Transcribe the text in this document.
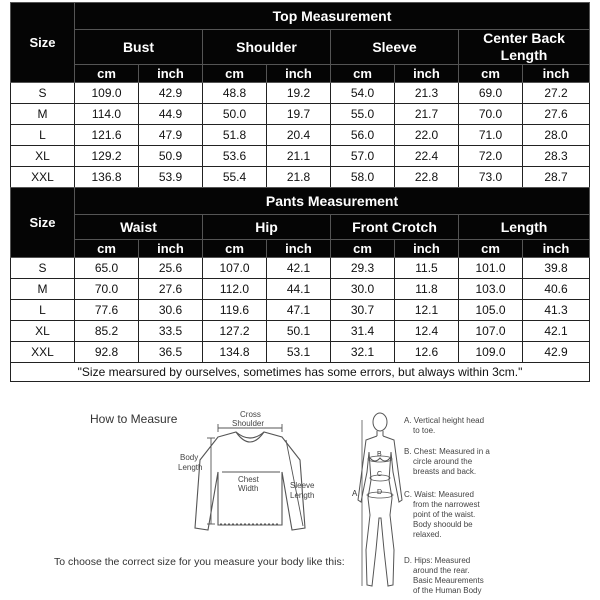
Size	Top Measurement							
	Bust		Shoulder		Sleeve		Center Back Length	
	cm	inch	cm	inch	cm	inch	cm	inch
S	109.0	42.9	48.8	19.2	54.0	21.3	69.0	27.2
M	114.0	44.9	50.0	19.7	55.0	21.7	70.0	27.6
L	121.6	47.9	51.8	20.4	56.0	22.0	71.0	28.0
XL	129.2	50.9	53.6	21.1	57.0	22.4	72.0	28.3
XXL	136.8	53.9	55.4	21.8	58.0	22.8	73.0	28.7
Size	Pants Measurement							
	Waist		Hip		Front Crotch		Length	
	cm	inch	cm	inch	cm	inch	cm	inch
S	65.0	25.6	107.0	42.1	29.3	11.5	101.0	39.8
M	70.0	27.6	112.0	44.1	30.0	11.8	103.0	40.6
L	77.6	30.6	119.6	47.1	30.7	12.1	105.0	41.3
XL	85.2	33.5	127.2	50.1	31.4	12.4	107.0	42.1
XXL	92.8	36.5	134.8	53.1	32.1	12.6	109.0	42.9
"Size mearsured by ourselves, sometimes has some errors, but always within 3cm."								
How to Measure	Cross
Shoulder
Body
Length
Chest
Width	Sleeve
Length	A
B
C
D
A. Vertical height head
to toe.
B. Chest: Measured in a
circle around the
breasts and back.
C. Waist: Measured
from the narrowest
point of the waist.
Body shoould be
relaxed.
D. Hips: Measured
around the rear.
Basic Meaurements
of the Human Body
To choose the correct size for you measure your body like this:
